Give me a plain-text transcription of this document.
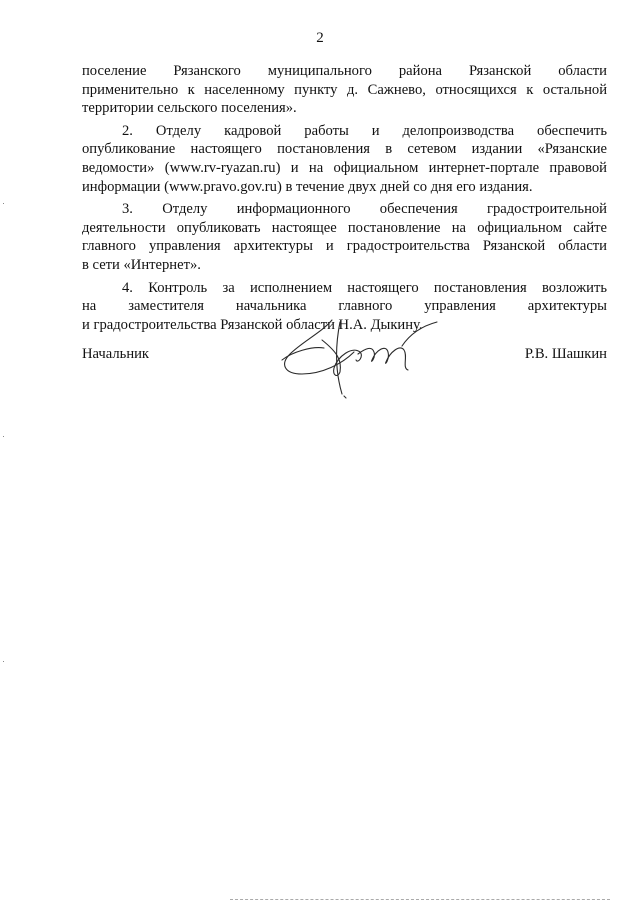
2

поселение Рязанского муниципального района Рязанской области

применительно к населенному пункту д. Сажнево, относящихся к остальной

территории сельского поселения».

2. Отделу кадровой работы и делопроизводства обеспечить

опубликование настоящего постановления в сетевом издании «Рязанские

ведомости» (www.rv-ryazan.ru) и на официальном интернет-портале правовой

информации (www.pravo.gov.ru) в течение двух дней со дня его издания.

3. Отделу информационного обеспечения градостроительной

деятельности опубликовать настоящее постановление на официальном сайте

главного управления архитектуры и градостроительства Рязанской области

в сети «Интернет».

4. Контроль за исполнением настоящего постановления возложить

на заместителя начальника главного управления архитектуры

и градостроительства Рязанской области Н.А. Дыкину.

Начальник	Р.В. Шашкин
